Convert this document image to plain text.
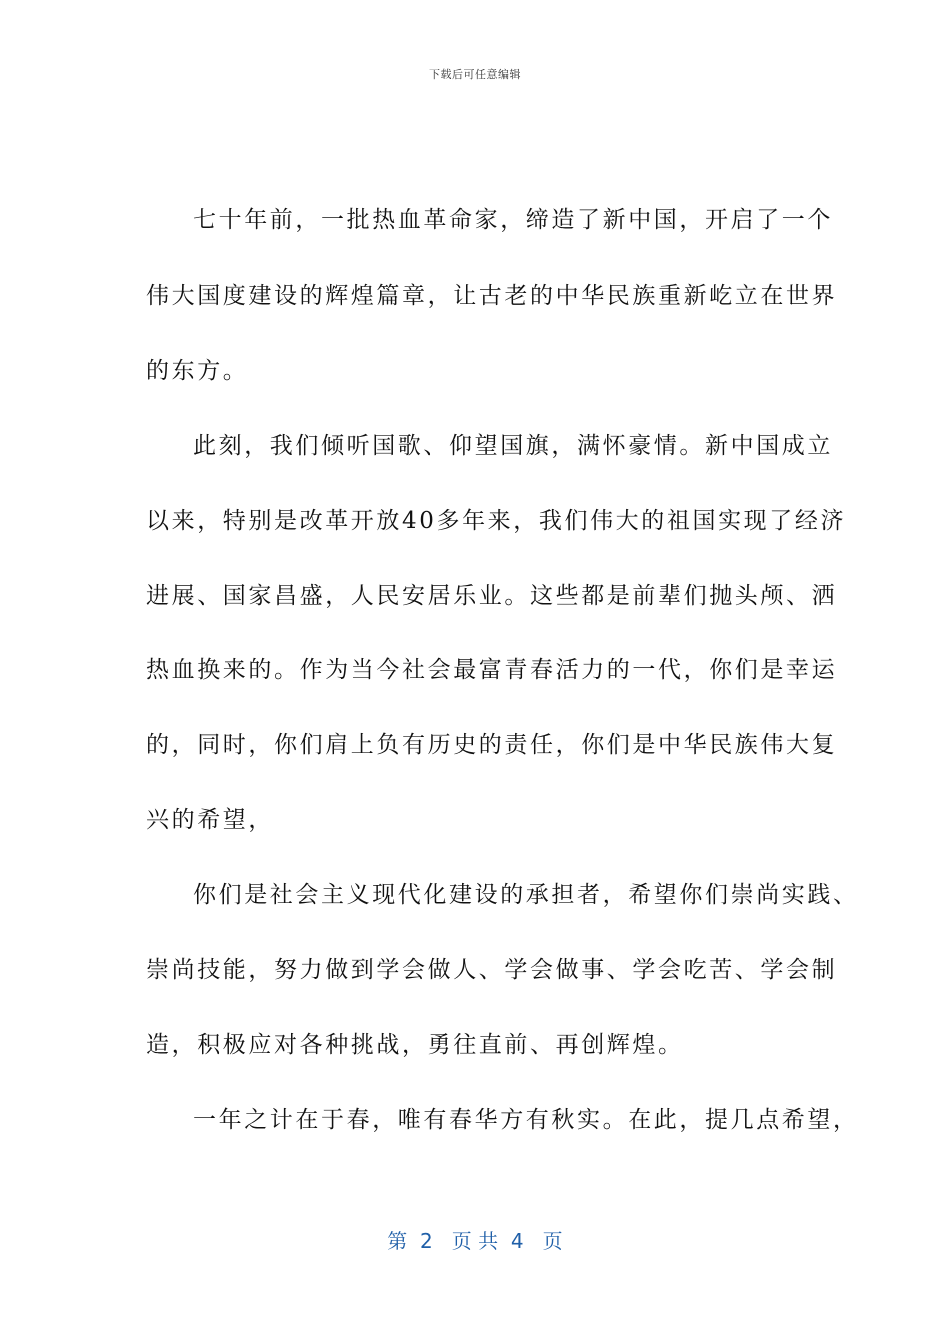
下载后可任意编辑
七十年前，一批热血革命家，缔造了新中国，开启了一个
伟大国度建设的辉煌篇章，让古老的中华民族重新屹立在世界
的东方。
此刻，我们倾听国歌、仰望国旗，满怀豪情。新中国成立
以来，特别是改革开放40多年来，我们伟大的祖国实现了经济
进展、国家昌盛，人民安居乐业。这些都是前辈们抛头颅、洒
热血换来的。作为当今社会最富青春活力的一代，你们是幸运
的，同时，你们肩上负有历史的责任，你们是中华民族伟大复
兴的希望，
你们是社会主义现代化建设的承担者，希望你们崇尚实践、
崇尚技能，努力做到学会做人、学会做事、学会吃苦、学会制
造，积极应对各种挑战，勇往直前、再创辉煌。
一年之计在于春，唯有春华方有秋实。在此，提几点希望，
第  2   页 共  4   页
